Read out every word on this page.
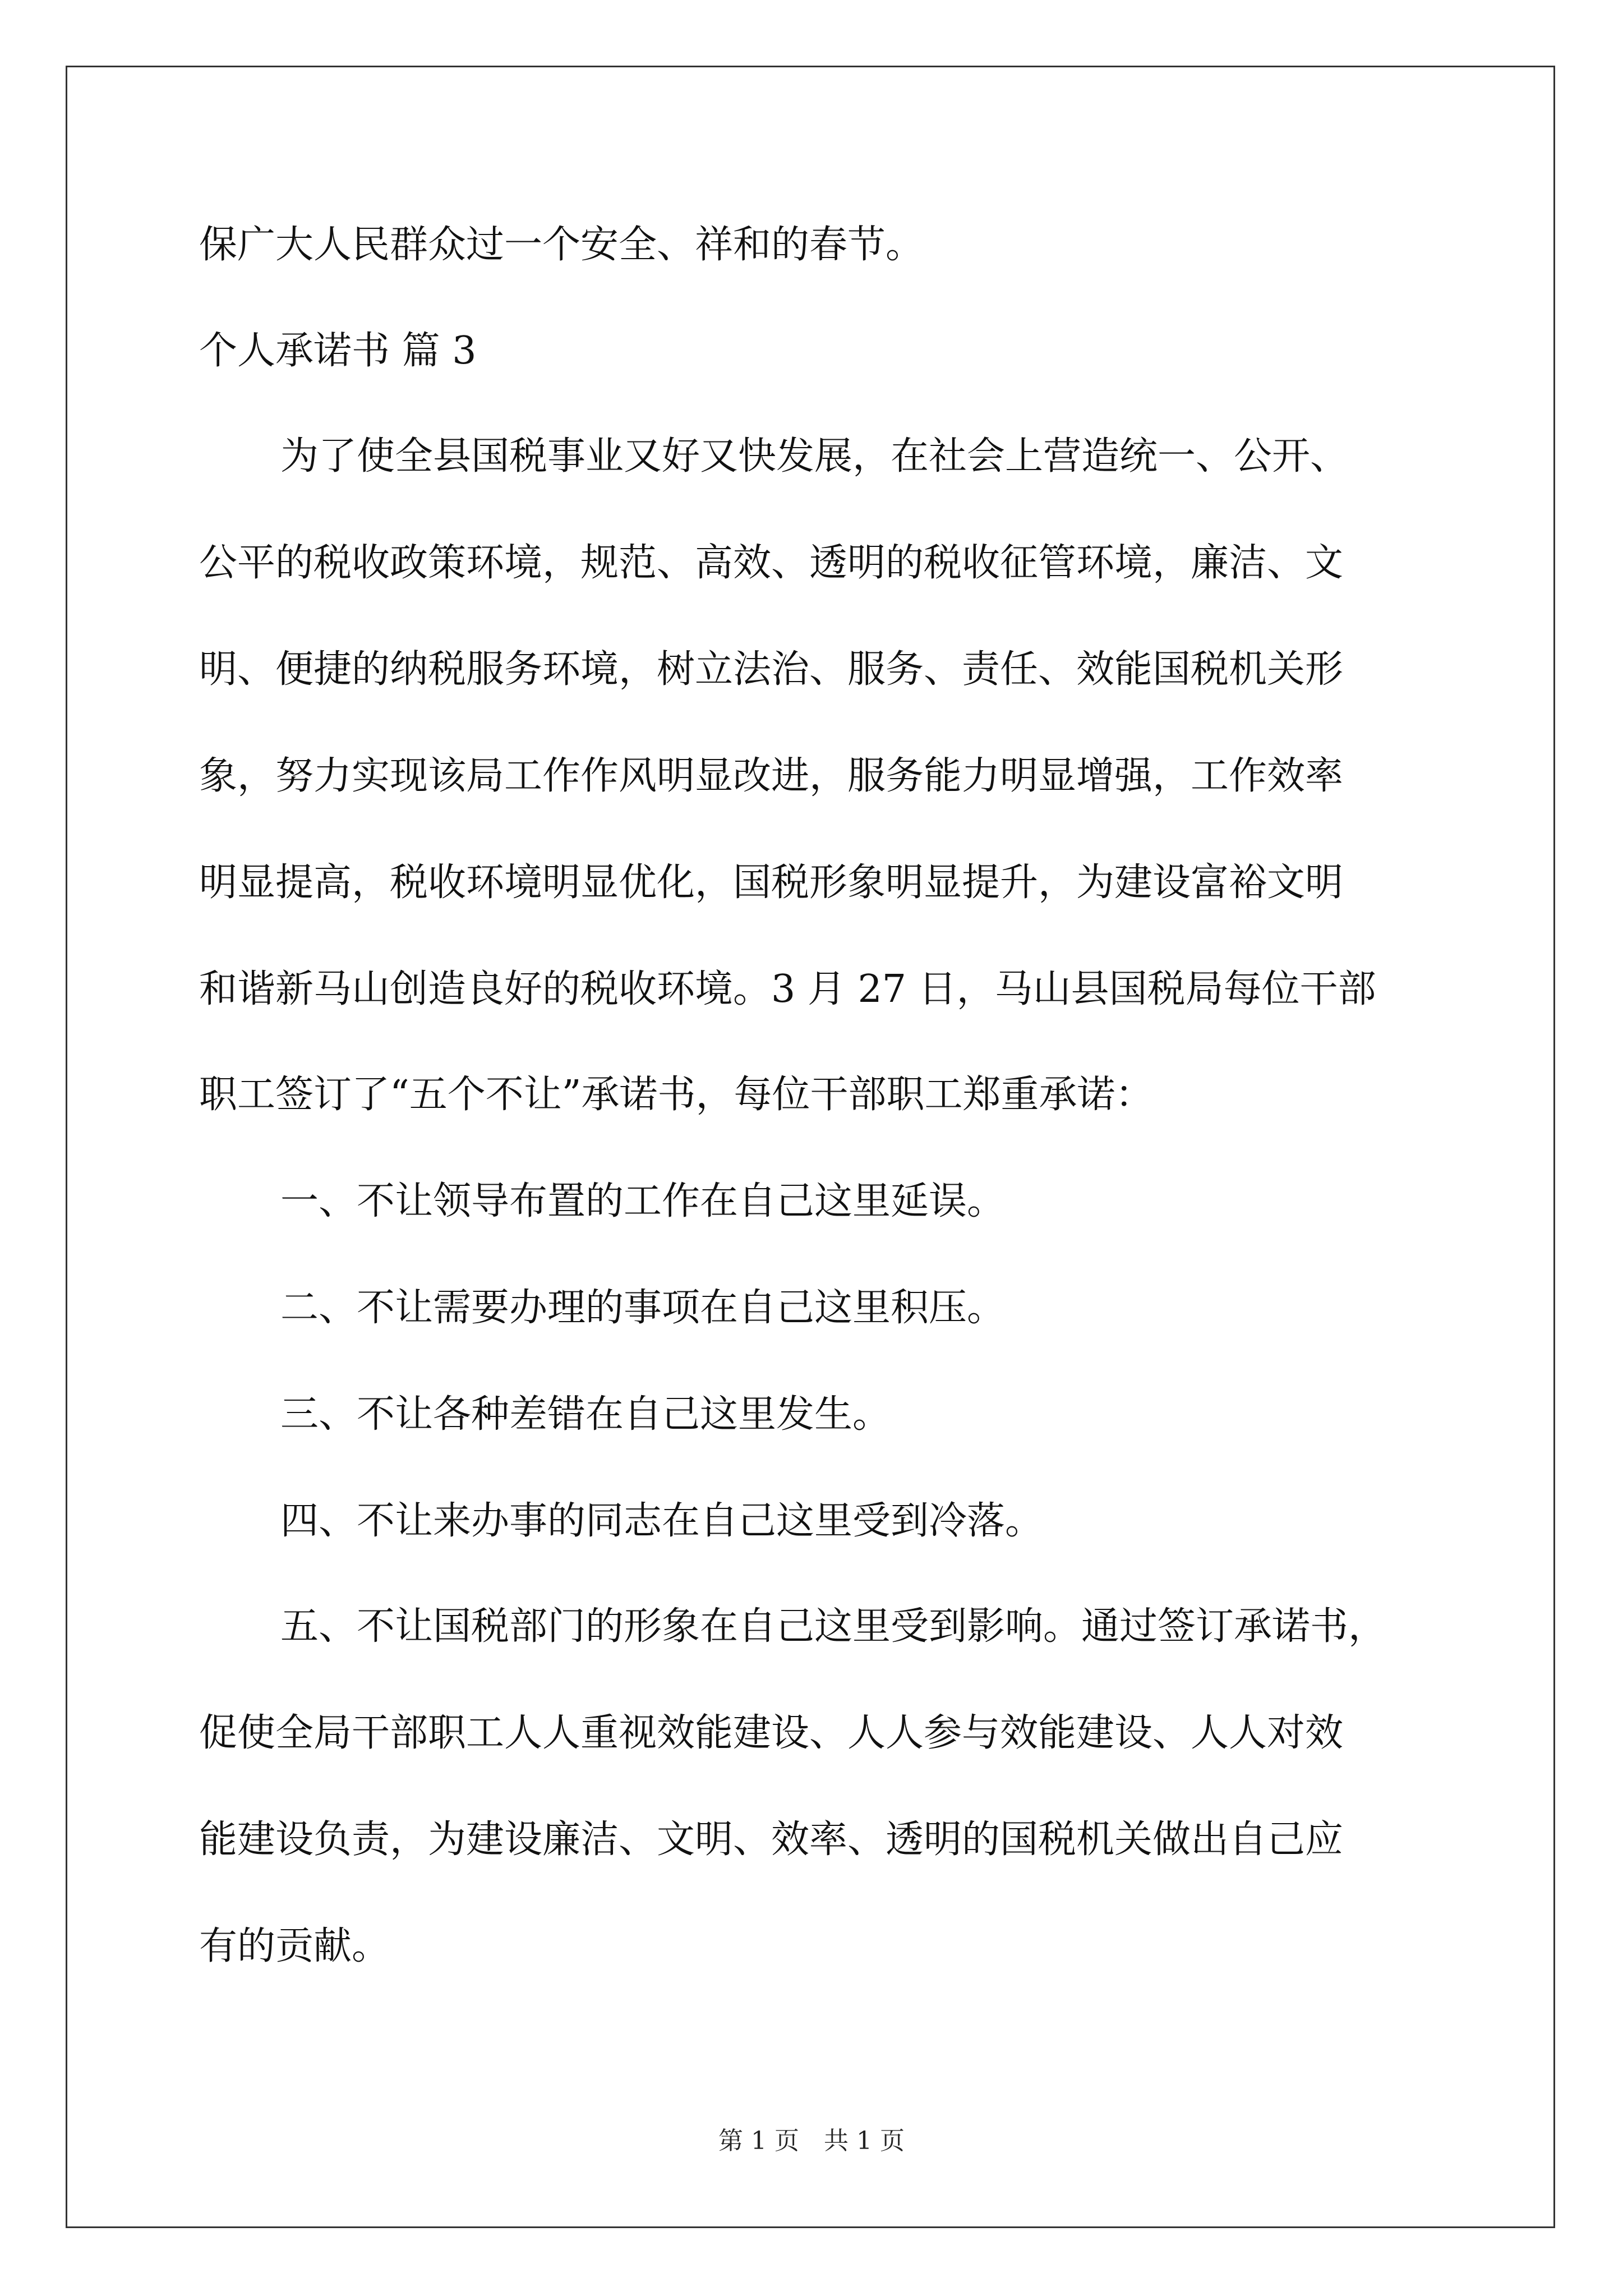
保广大人民群众过一个安全、祥和的春节。
个人承诺书 篇 3
为了使全县国税事业又好又快发展，在社会上营造统一、公开、
公平的税收政策环境，规范、高效、透明的税收征管环境，廉洁、文
明、便捷的纳税服务环境，树立法治、服务、责任、效能国税机关形
象，努力实现该局工作作风明显改进，服务能力明显增强，工作效率
明显提高，税收环境明显优化，国税形象明显提升，为建设富裕文明
和谐新马山创造良好的税收环境。3 月 27 日，马山县国税局每位干部
职工签订了“五个不让”承诺书，每位干部职工郑重承诺：
一、不让领导布置的工作在自己这里延误。
二、不让需要办理的事项在自己这里积压。
三、不让各种差错在自己这里发生。
四、不让来办事的同志在自己这里受到冷落。
五、不让国税部门的形象在自己这里受到影响。通过签订承诺书，
促使全局干部职工人人重视效能建设、人人参与效能建设、人人对效
能建设负责，为建设廉洁、文明、效率、透明的国税机关做出自己应
有的贡献。
第 1 页 共 1 页
